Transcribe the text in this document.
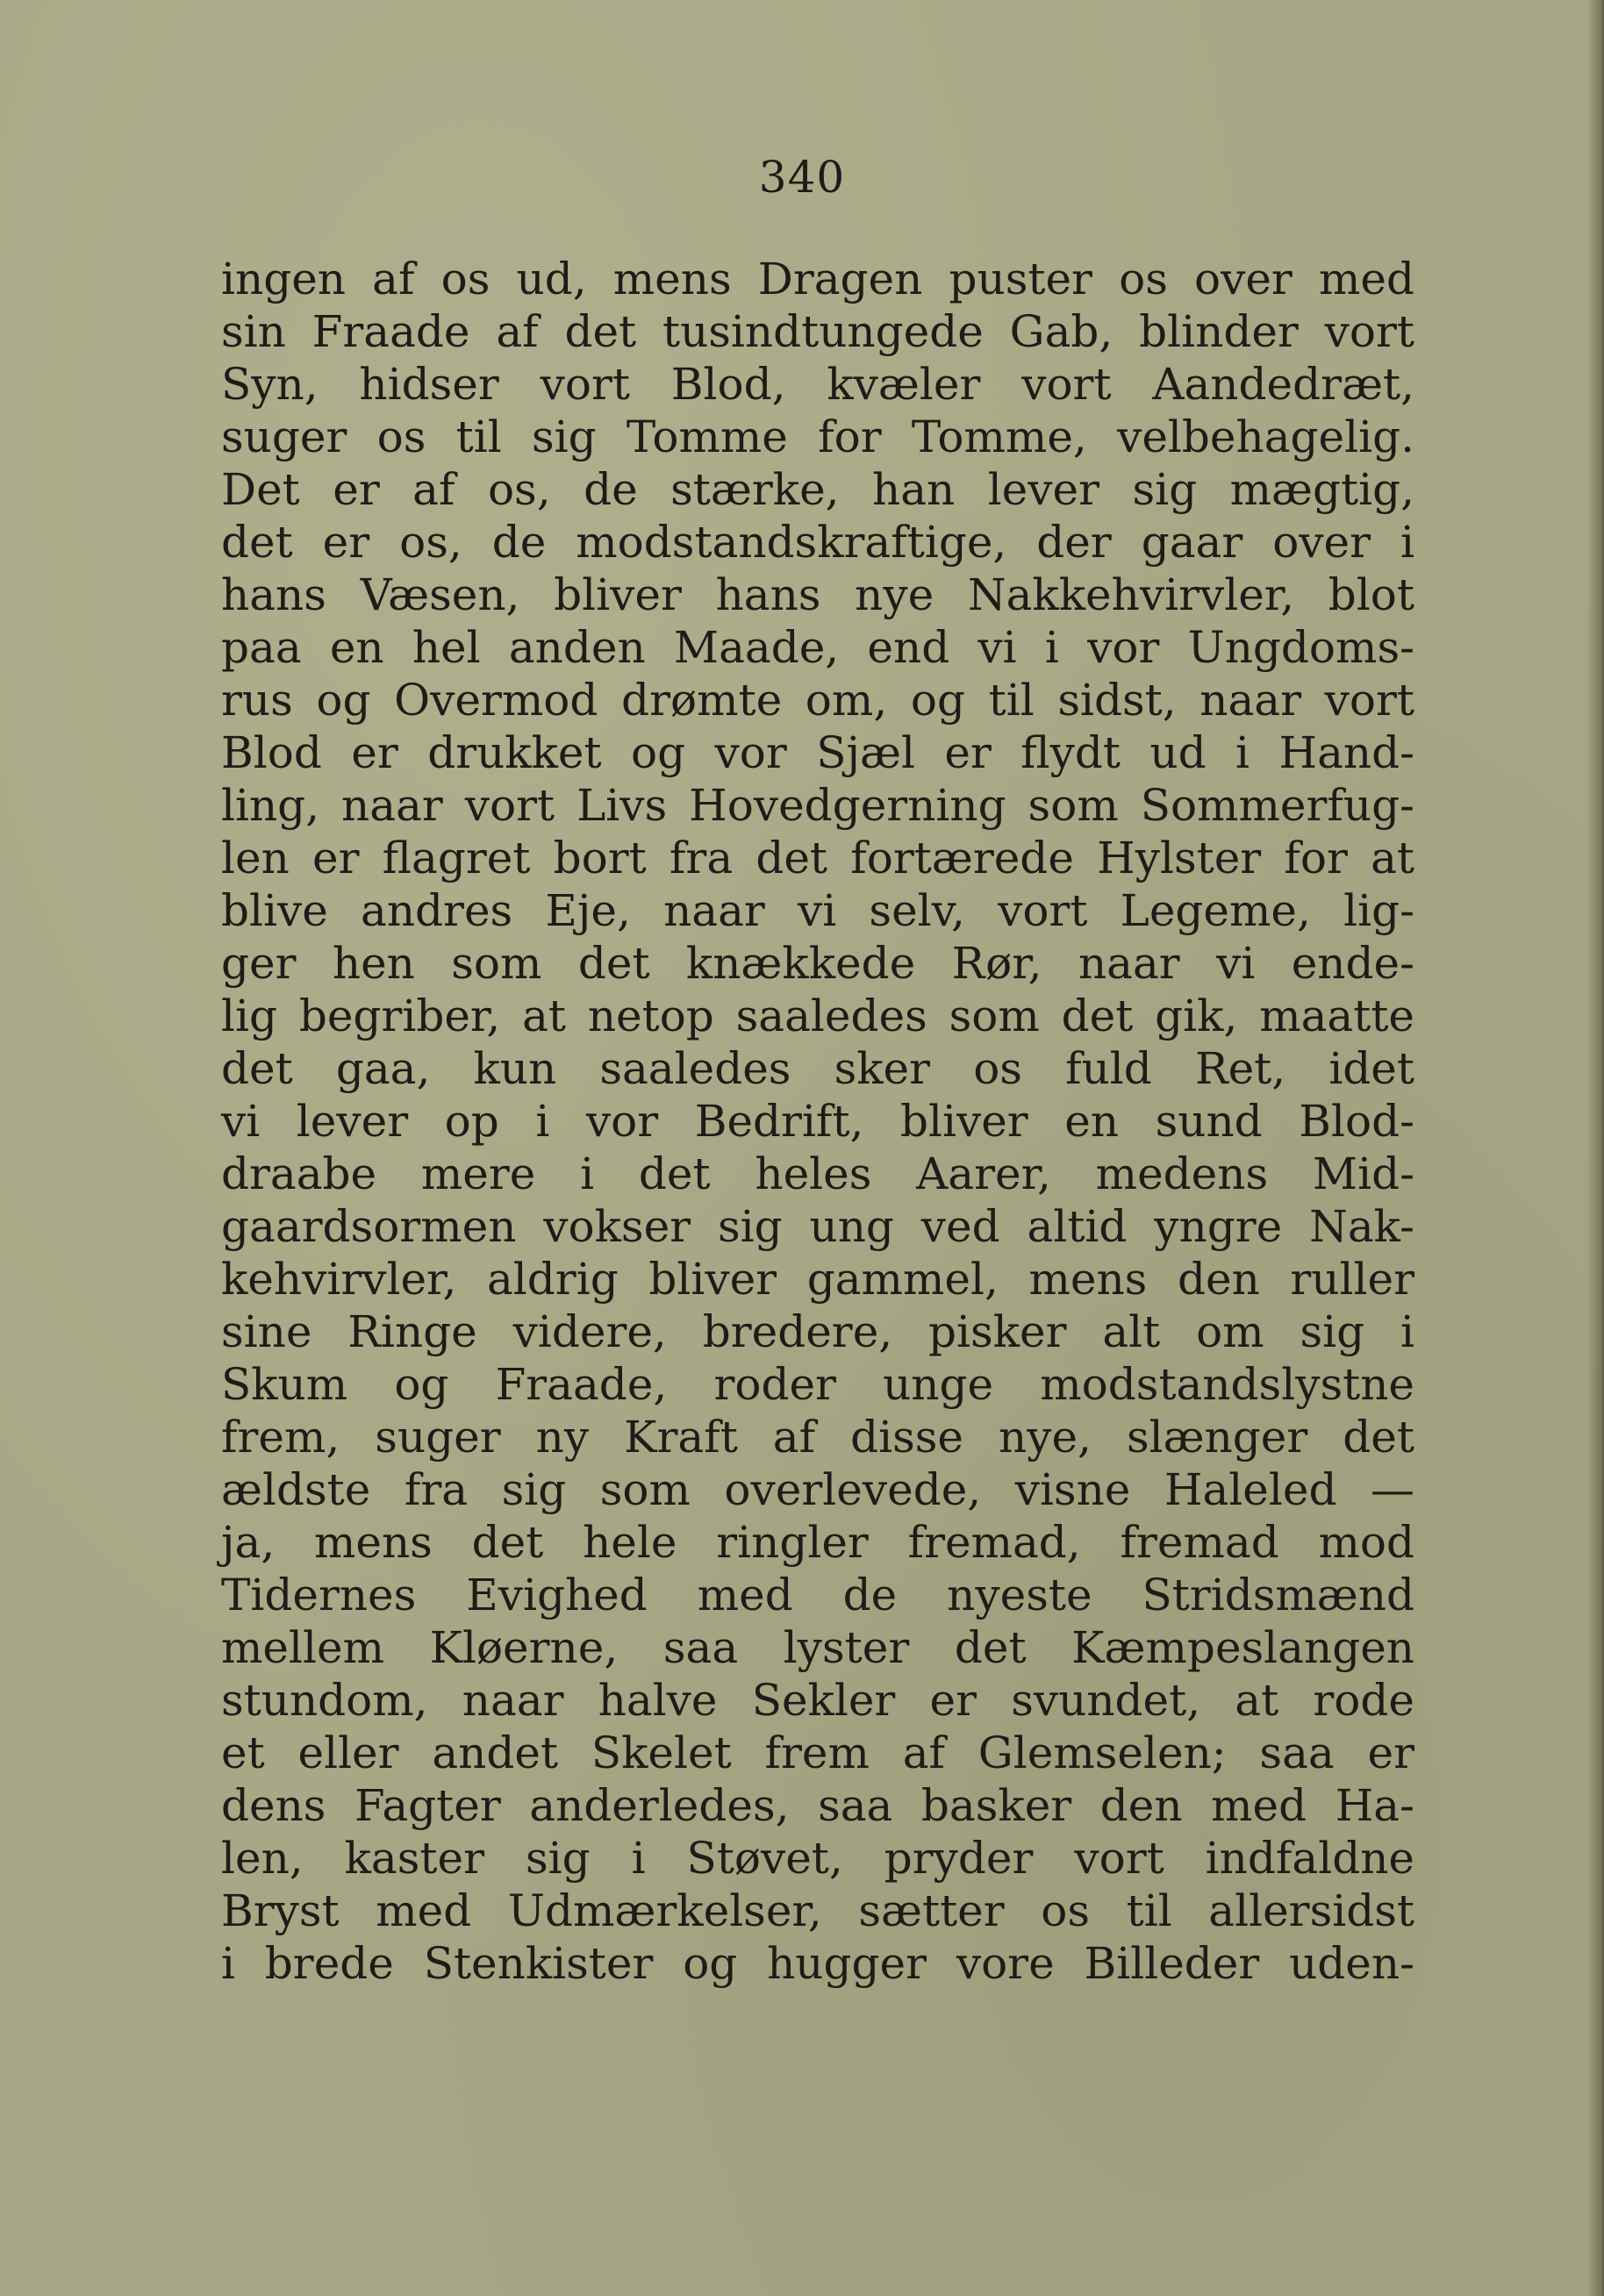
340
ingen af os ud, mens Dragen puster os over med
sin Fraade af det tusindtungede Gab, blinder vort
Syn, hidser vort Blod, kvæler vort Aandedræt,
suger os til sig Tomme for Tomme, velbehagelig.
Det er af os, de stærke, han lever sig mægtig,
det er os, de modstandskraftige, der gaar over i
hans Væsen, bliver hans nye Nakkehvirvler, blot
paa en hel anden Maade, end vi i vor Ungdoms-
rus og Overmod drømte om, og til sidst, naar vort
Blod er drukket og vor Sjæl er flydt ud i Hand-
ling, naar vort Livs Hovedgerning som Sommerfug-
len er flagret bort fra det fortærede Hylster for at
blive andres Eje, naar vi selv, vort Legeme, lig-
ger hen som det knækkede Rør, naar vi ende-
lig begriber, at netop saaledes som det gik, maatte
det gaa, kun saaledes sker os fuld Ret, idet
vi lever op i vor Bedrift, bliver en sund Blod-
draabe mere i det heles Aarer, medens Mid-
gaardsormen vokser sig ung ved altid yngre Nak-
kehvirvler, aldrig bliver gammel, mens den ruller
sine Ringe videre, bredere, pisker alt om sig i
Skum og Fraade, roder unge modstandslystne
frem, suger ny Kraft af disse nye, slænger det
ældste fra sig som overlevede, visne Haleled —
ja, mens det hele ringler fremad, fremad mod
Tidernes Evighed med de nyeste Stridsmænd
mellem Kløerne, saa lyster det Kæmpeslangen
stundom, naar halve Sekler er svundet, at rode
et eller andet Skelet frem af Glemselen; saa er
dens Fagter anderledes, saa basker den med Ha-
len, kaster sig i Støvet, pryder vort indfaldne
Bryst med Udmærkelser, sætter os til allersidst
i brede Stenkister og hugger vore Billeder uden-
